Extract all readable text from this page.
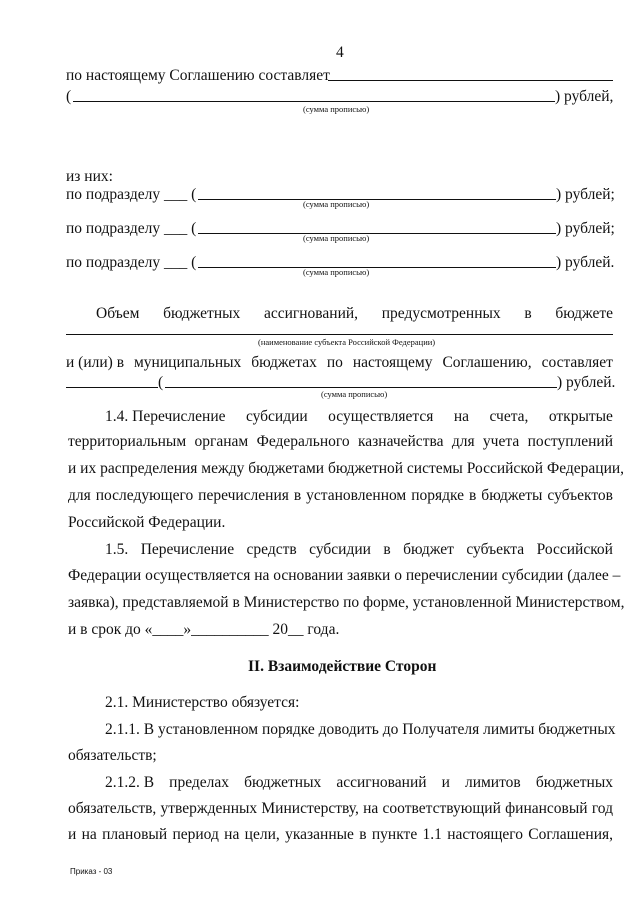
4
по настоящему Соглашению составляет
(	) рублей,
(сумма прописью)
из них:
по подразделу ___ (	) рублей;
(сумма прописью)
по подразделу ___ (	) рублей;
(сумма прописью)
по подразделу ___ (	) рублей.
(сумма прописью)
Объем бюджетных ассигнований, предусмотренных в бюджете
(наименование субъекта Российской Федерации)
и (или) в муниципальных бюджетах по настоящему Соглашению, составляет
(	) рублей.
(сумма прописью)
1.4. Перечисление субсидии осуществляется на счета, открытые
территориальным органам Федерального казначейства для учета поступлений
и их распределения между бюджетами бюджетной системы Российской Федерации,
для последующего перечисления в установленном порядке в бюджеты субъектов
Российской Федерации.
1.5. Перечисление средств субсидии в бюджет субъекта Российской
Федерации осуществляется на основании заявки о перечислении субсидии (далее –
заявка), представляемой в Министерство по форме, установленной Министерством,
и в срок до «____»__________ 20__ года.
II. Взаимодействие Сторон
2.1. Министерство обязуется:
2.1.1. В установленном порядке доводить до Получателя лимиты бюджетных
обязательств;
2.1.2. В пределах бюджетных ассигнований и лимитов бюджетных
обязательств, утвержденных Министерству, на соответствующий финансовый год
и на плановый период на цели, указанные в пункте 1.1 настоящего Соглашения,
Приказ - 03
